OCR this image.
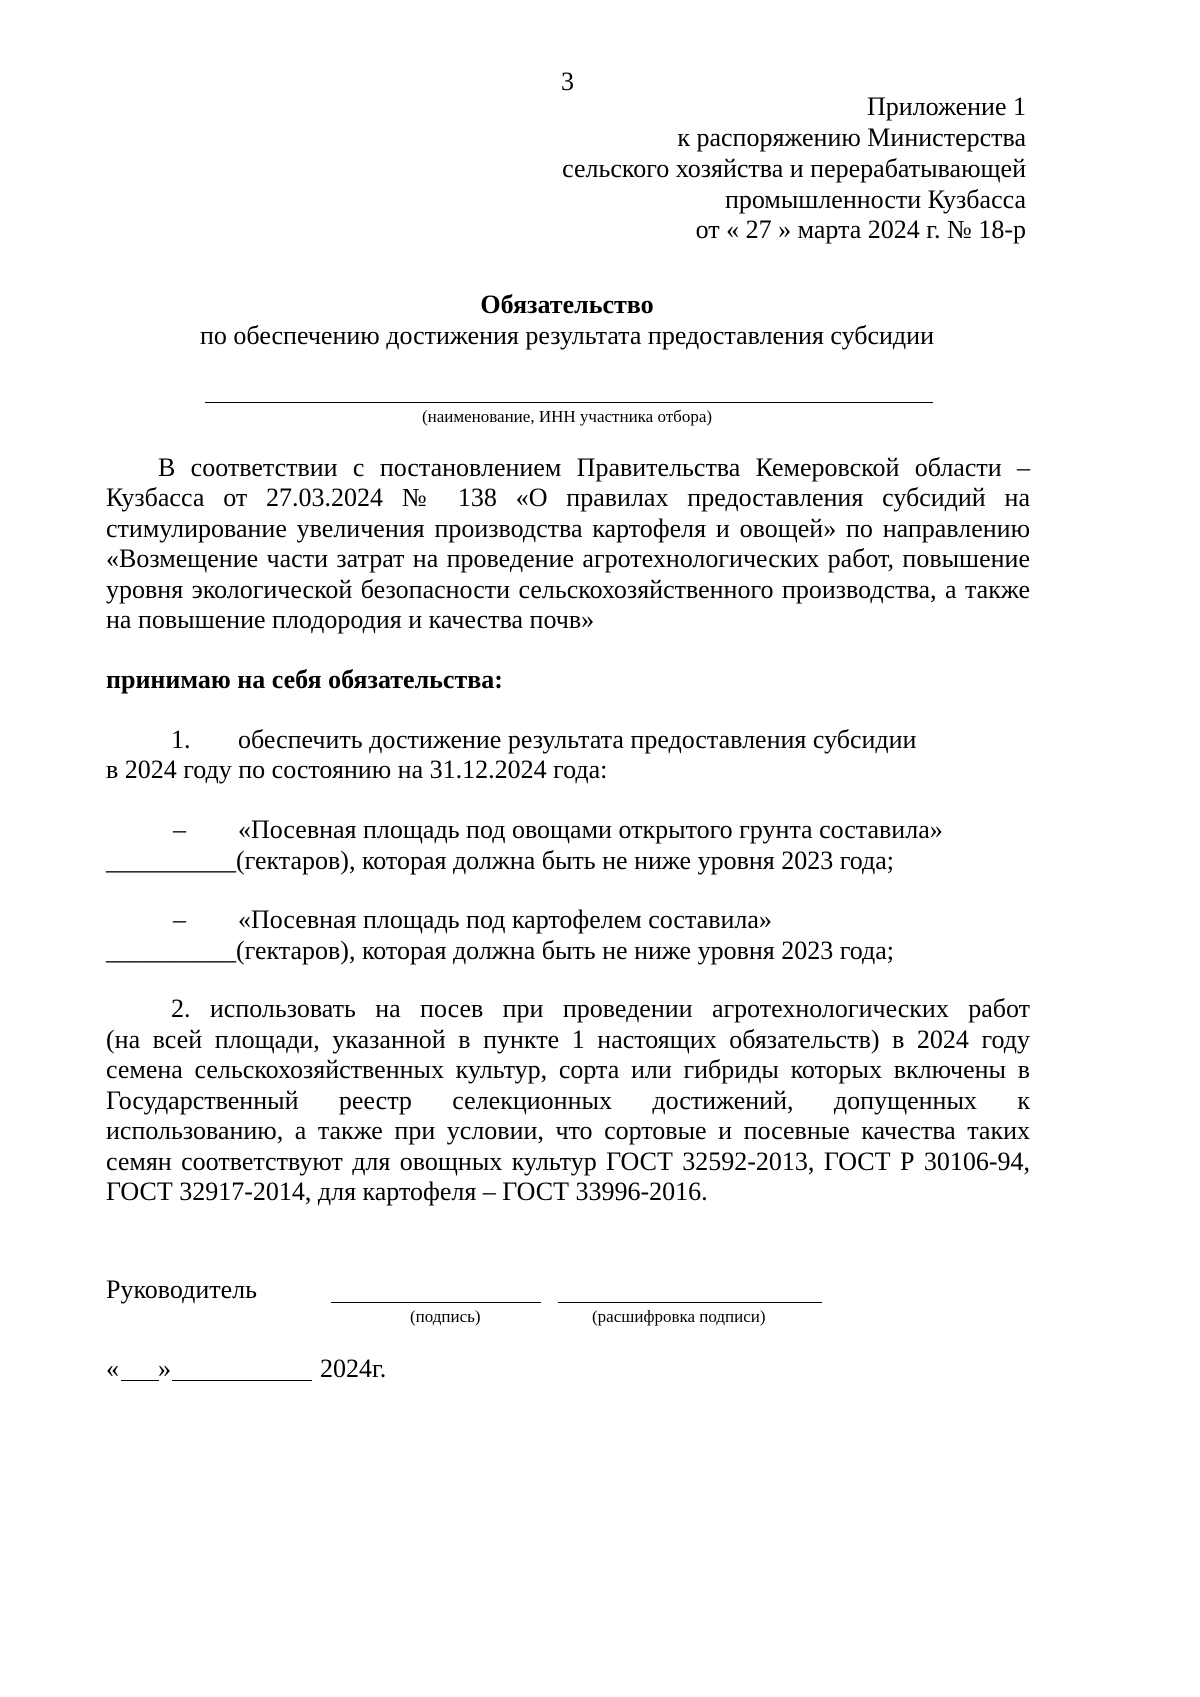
3
Приложение 1
к распоряжению Министерства
сельского хозяйства и перерабатывающей
промышленности Кузбасса
от « 27 » марта 2024 г. № 18-р
Обязательство
по обеспечению достижения результата предоставления субсидии
(наименование, ИНН участника отбора)
В соответствии с постановлением Правительства Кемеровской области –
Кузбасса от 27.03.2024 № 138 «О правилах предоставления субсидий на
стимулирование увеличения производства картофеля и овощей» по направлению
«Возмещение части затрат на проведение агротехнологических работ, повышение
уровня экологической безопасности сельскохозяйственного производства, а также
на повышение плодородия и качества почв»
принимаю на себя обязательства:
1. обеспечить достижение результата предоставления субсидии
в 2024 году по состоянию на 31.12.2024 года:
– «Посевная площадь под овощами открытого грунта составила»
__________ (гектаров), которая должна быть не ниже уровня 2023 года;
– «Посевная площадь под картофелем составила»
__________ (гектаров), которая должна быть не ниже уровня 2023 года;
2. использовать на посев при проведении агротехнологических работ
(на всей площади, указанной в пункте 1 настоящих обязательств) в 2024 году
семена сельскохозяйственных культур, сорта или гибриды которых включены в
Государственный реестр селекционных достижений, допущенных к
использованию, а также при условии, что сортовые и посевные качества таких
семян соответствуют для овощных культур ГОСТ 32592-2013, ГОСТ Р 30106-94,
ГОСТ 32917-2014, для картофеля – ГОСТ 33996-2016.
Руководитель
(подпись)	(расшифровка подписи)
« »	2024г.
